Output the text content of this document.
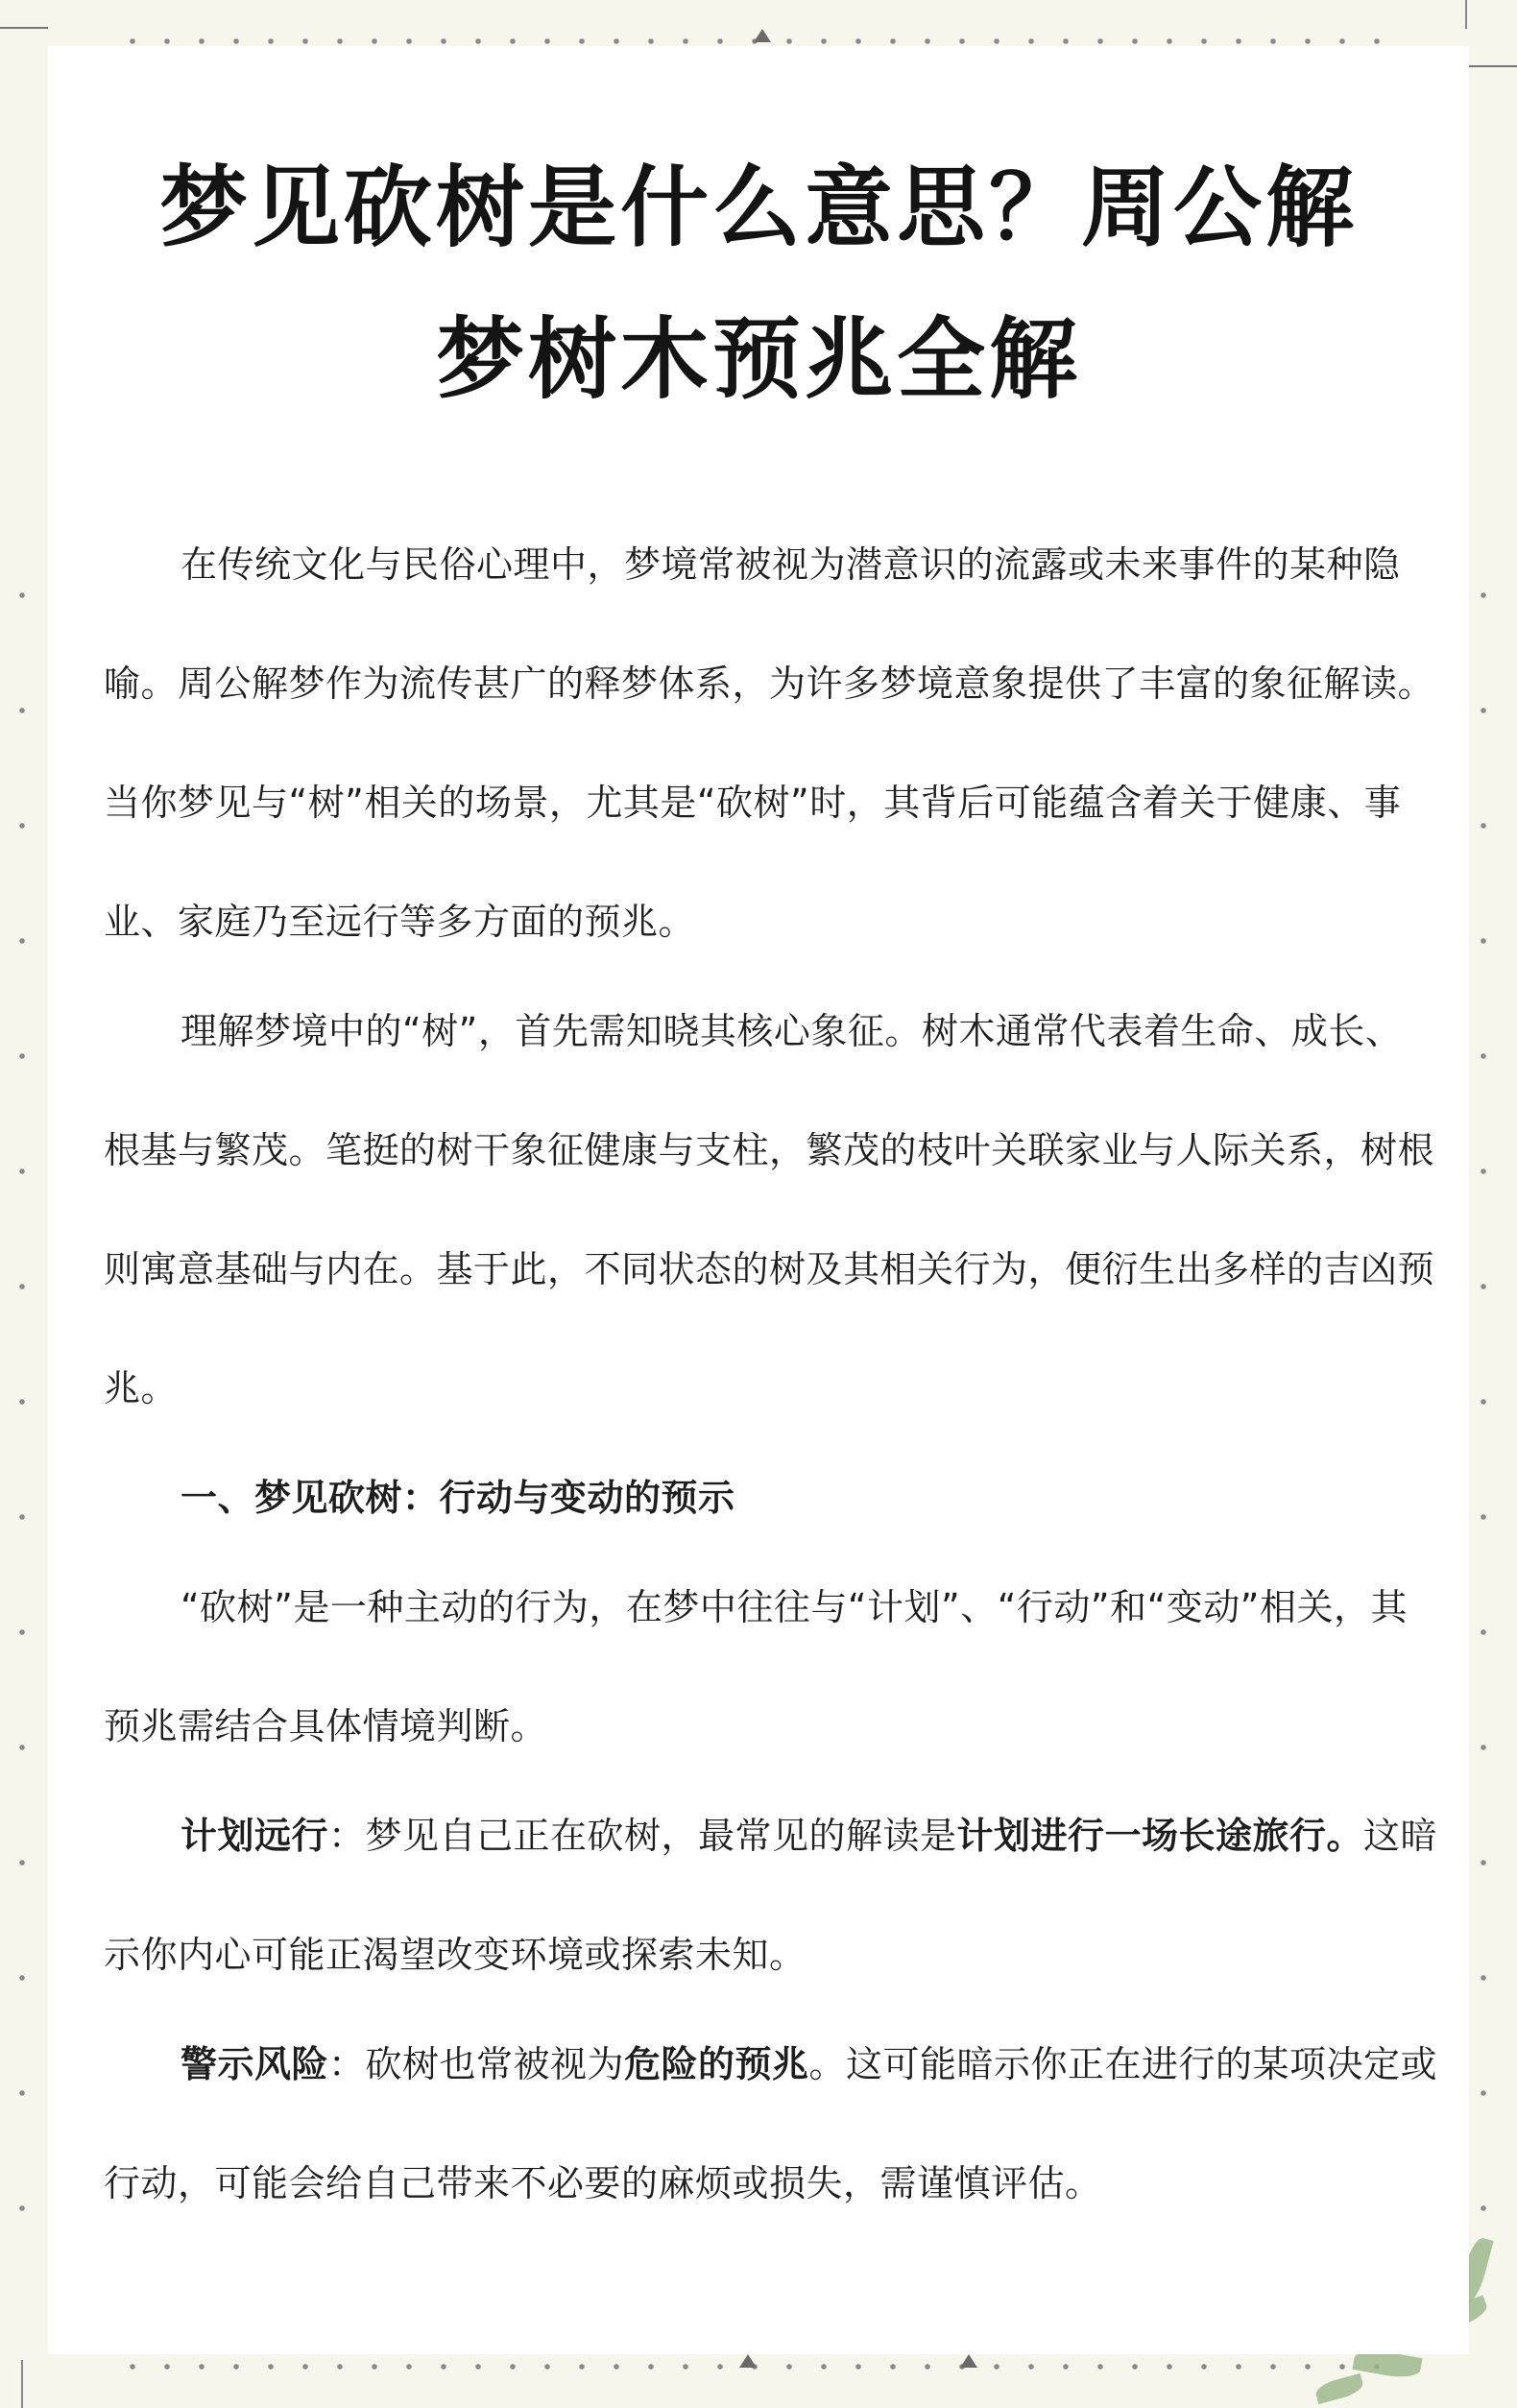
梦见砍树是什么意思？周公解
梦树木预兆全解

在传统文化与民俗心理中，梦境常被视为潜意识的流露或未来事件的某种隐喻。周公解梦作为流传甚广的释梦体系，为许多梦境意象提供了丰富的象征解读。当你梦见与“树”相关的场景，尤其是“砍树”时，其背后可能蕴含着关于健康、事业、家庭乃至远行等多方面的预兆。

理解梦境中的“树”，首先需知晓其核心象征。树木通常代表着生命、成长、根基与繁茂。笔挺的树干象征健康与支柱，繁茂的枝叶关联家业与人际关系，树根则寓意基础与内在。基于此，不同状态的树及其相关行为，便衍生出多样的吉凶预兆。

一、梦见砍树：行动与变动的预示

“砍树”是一种主动的行为，在梦中往往与“计划”、“行动”和“变动”相关，其预兆需结合具体情境判断。

计划远行：梦见自己正在砍树，最常见的解读是计划进行一场长途旅行。这暗示你内心可能正渴望改变环境或探索未知。

警示风险：砍树也常被视为危险的预兆。这可能暗示你正在进行的某项决定或行动，可能会给自己带来不必要的麻烦或损失，需谨慎评估。
